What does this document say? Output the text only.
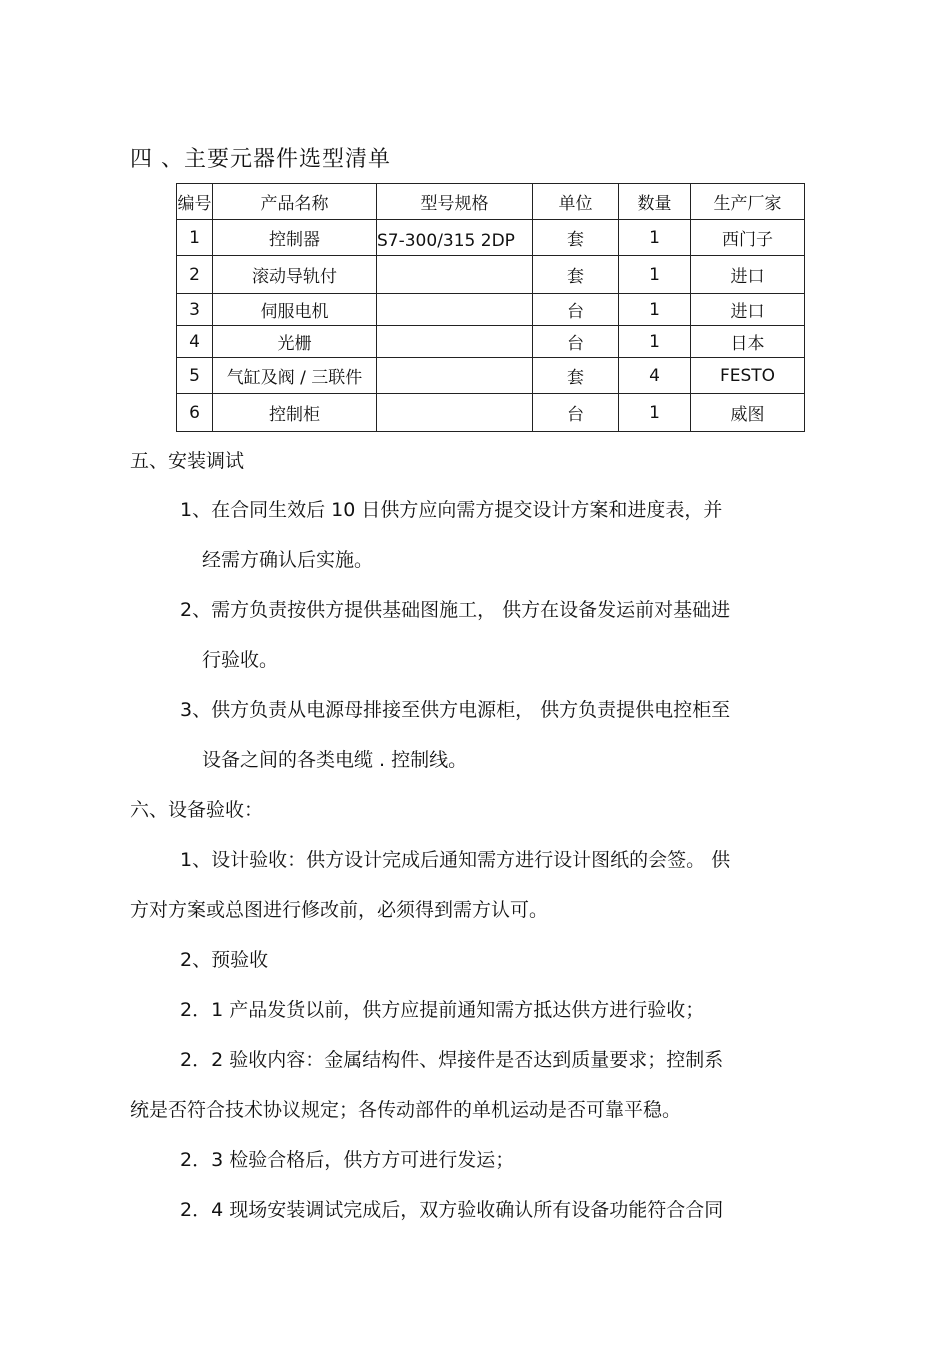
四 、主要元器件选型清单
编号	产品名称	型号规格	单位	数量	生产厂家
1	控制器	S7-300/315 2DP	套	1	西门子
2	滚动导轨付		套	1	进口
3	伺服电机		台	1	进口
4	光栅		台	1	日本
5	气缸及阀 / 三联件		套	4	FESTO
6	控制柜		台	1	威图
五、安装调试
1、在合同生效后 10 日供方应向需方提交设计方案和进度表，并
经需方确认后实施。
2、需方负责按供方提供基础图施工， 供方在设备发运前对基础进
行验收。
3、供方负责从电源母排接至供方电源柜， 供方负责提供电控柜至
设备之间的各类电缆 . 控制线。
六、设备验收：
1、设计验收：供方设计完成后通知需方进行设计图纸的会签。 供
方对方案或总图进行修改前，必须得到需方认可。
2、预验收
2．1 产品发货以前，供方应提前通知需方抵达供方进行验收；
2．2 验收内容：金属结构件、焊接件是否达到质量要求；控制系
统是否符合技术协议规定；各传动部件的单机运动是否可靠平稳。
2．3 检验合格后，供方方可进行发运；
2．4 现场安装调试完成后，双方验收确认所有设备功能符合合同
